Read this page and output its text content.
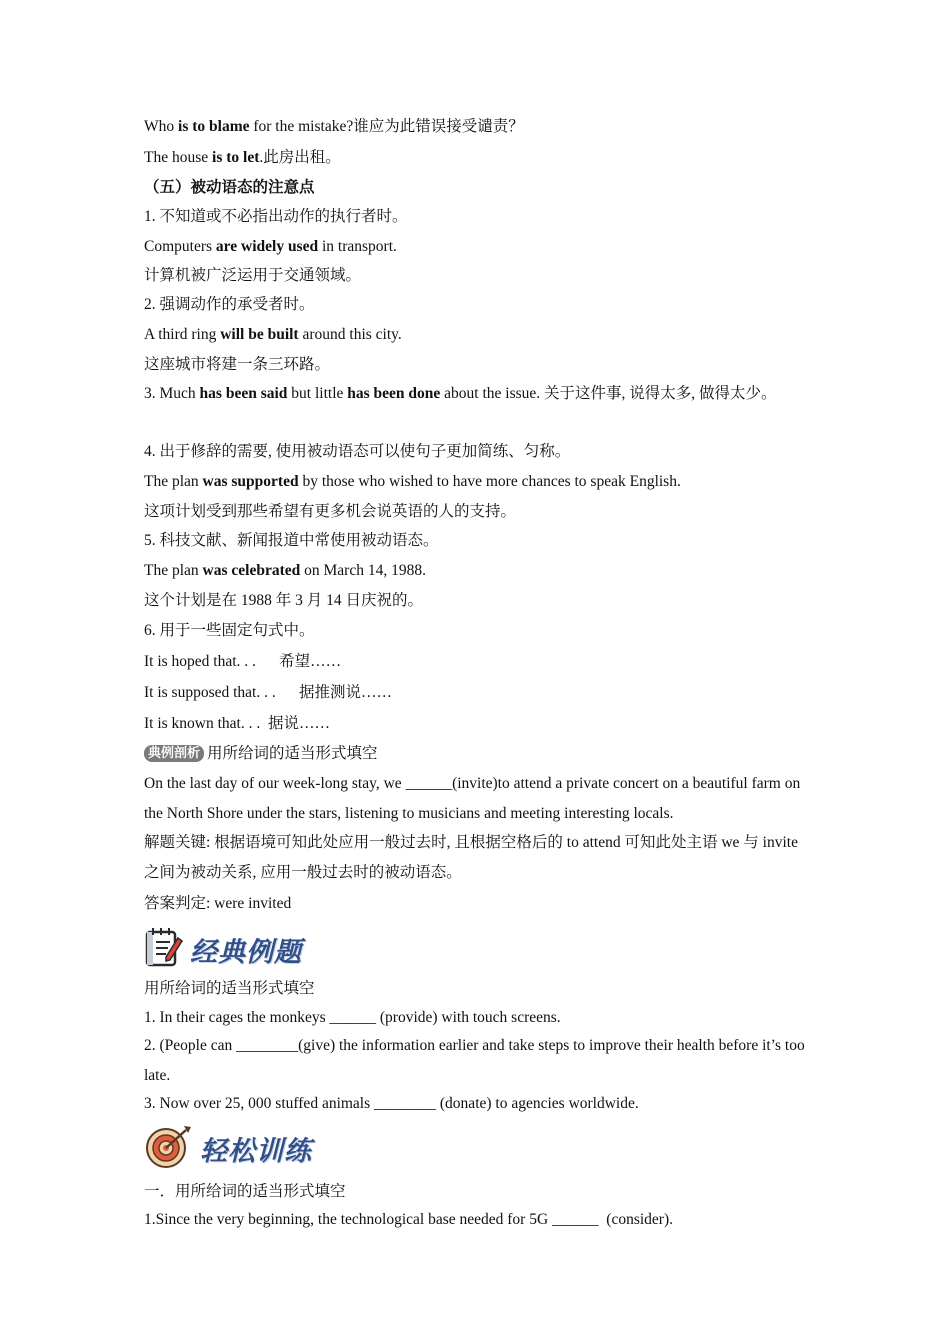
Who is to blame for the mistake?谁应为此错误接受谴责？
The house is to let.此房出租。
（五）被动语态的注意点
1. 不知道或不必指出动作的执行者时。
Computers are widely used in transport.
计算机被广泛运用于交通领域。
2. 强调动作的承受者时。
A third ring will be built around this city.
这座城市将建一条三环路。
3. Much has been said but little has been done about the issue. 关于这件事, 说得太多, 做得太少。
4. 出于修辞的需要, 使用被动语态可以使句子更加简练、匀称。
The plan was supported by those who wished to have more chances to speak English.
这项计划受到那些希望有更多机会说英语的人的支持。
5. 科技文献、新闻报道中常使用被动语态。
The plan was celebrated on March 14, 1988.
这个计划是在 1988 年 3 月 14 日庆祝的。
6. 用于一些固定句式中。
It is hoped that. . .      希望……
It is supposed that. . .      据推测说……
It is known that. . .  据说……
典例剖析 用所给词的适当形式填空
On the last day of our week-long stay, we ______(invite)to attend a private concert on a beautiful farm on the North Shore under the stars, listening to musicians and meeting interesting locals.
解题关键: 根据语境可知此处应用一般过去时, 且根据空格后的 to attend 可知此处主语 we 与 invite 之间为被动关系, 应用一般过去时的被动语态。
答案判定: were invited
经典例题
用所给词的适当形式填空
1. In their cages the monkeys ______ (provide) with touch screens.
2. (People can ________(give) the information earlier and take steps to improve their health before it’s too late.
3. Now over 25, 000 stuffed animals ________ (donate) to agencies worldwide.
轻松训练
一．用所给词的适当形式填空
1.Since the very beginning, the technological base needed for 5G ______  (consider).
